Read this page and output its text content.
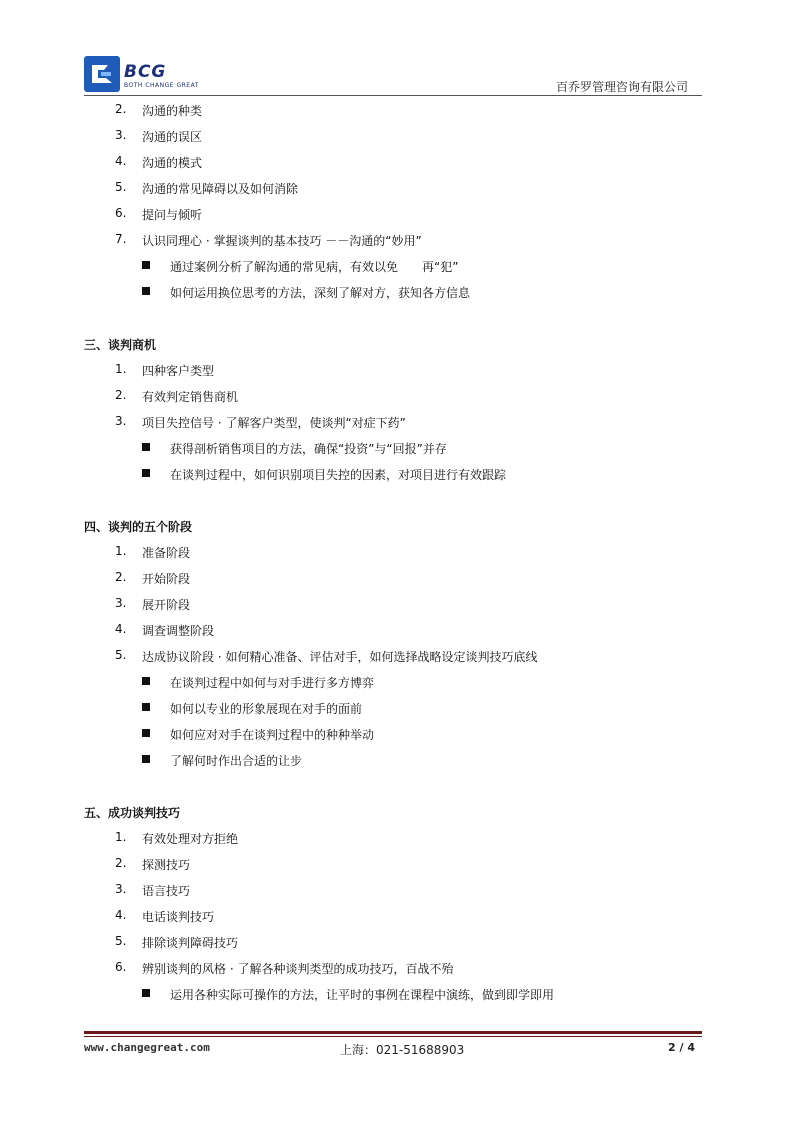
BCG
BOTH CHANGE GREAT	百乔罗管理咨询有限公司
2. 沟通的种类
3. 沟通的误区
4. 沟通的模式
5. 沟通的常见障碍以及如何消除
6. 提问与倾听
7. 认识同理心 · 掌握谈判的基本技巧 －－沟通的“妙用”
通过案例分析了解沟通的常见病，有效以免　　再“犯”
如何运用换位思考的方法，深刻了解对方，获知各方信息
三、谈判商机
1. 四种客户类型
2. 有效判定销售商机
3. 项目失控信号 · 了解客户类型，使谈判“对症下药”
获得剖析销售项目的方法，确保“投资”与“回报”并存
在谈判过程中，如何识别项目失控的因素，对项目进行有效跟踪
四、谈判的五个阶段
1. 准备阶段
2. 开始阶段
3. 展开阶段
4. 调查调整阶段
5. 达成协议阶段 · 如何精心准备、评估对手，如何选择战略设定谈判技巧底线
在谈判过程中如何与对手进行多方博弈
如何以专业的形象展现在对手的面前
如何应对对手在谈判过程中的种种举动
了解何时作出合适的让步
五、成功谈判技巧
1. 有效处理对方拒绝
2. 探测技巧
3. 语言技巧
4. 电话谈判技巧
5. 排除谈判障碍技巧
6. 辨别谈判的风格 · 了解各种谈判类型的成功技巧，百战不殆
运用各种实际可操作的方法，让平时的事例在课程中演练，做到即学即用
www.changegreat.com	上海：021-51688903	2 / 4
